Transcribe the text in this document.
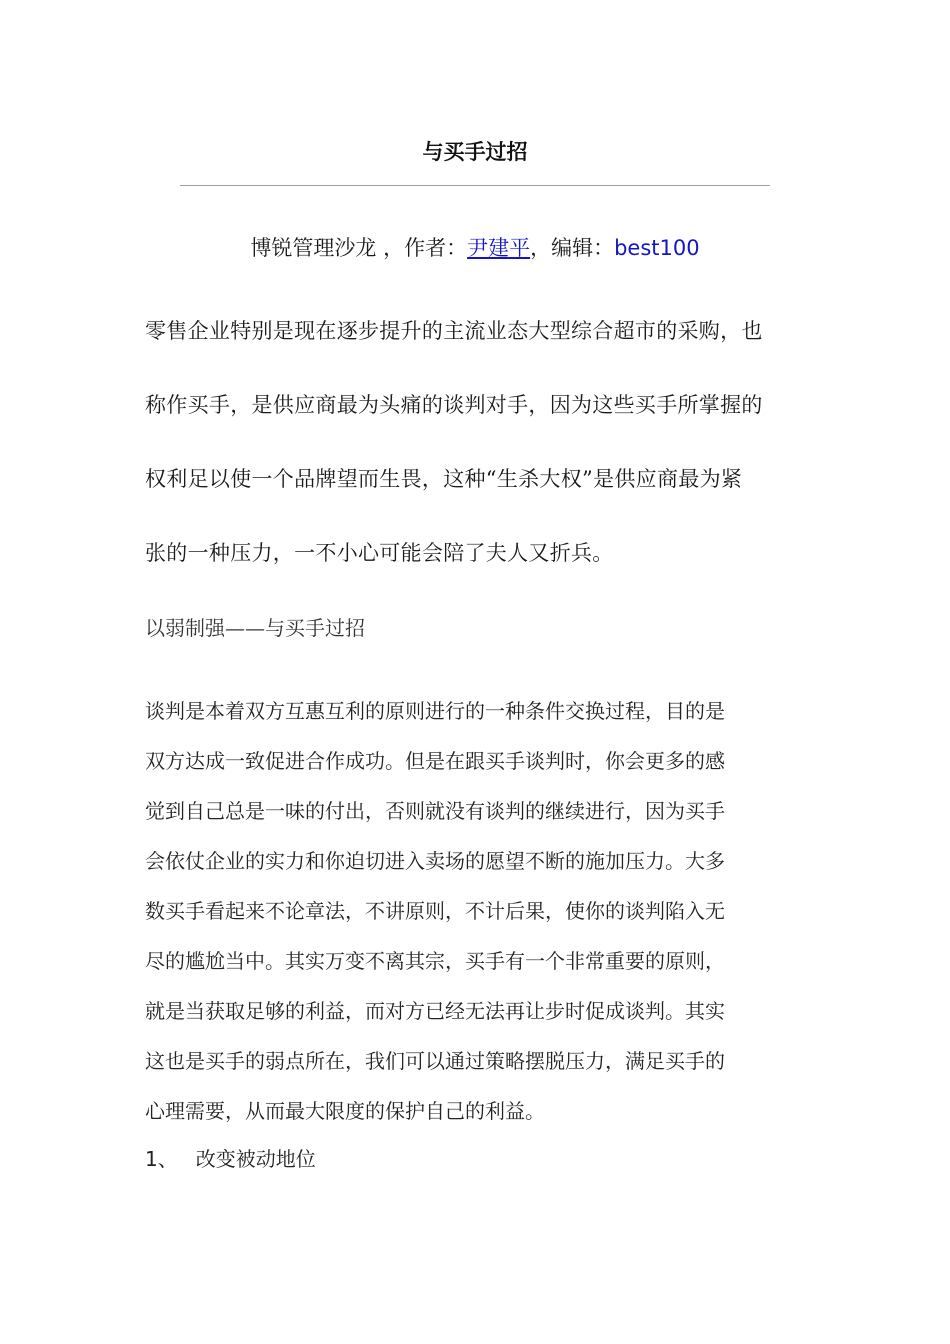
与买手过招
博锐管理沙龙 ，作者：尹建平，编辑：best100

零售企业特别是现在逐步提升的主流业态大型综合超市的采购，也
称作买手，是供应商最为头痛的谈判对手，因为这些买手所掌握的
权利足以使一个品牌望而生畏，这种“生杀大权”是供应商最为紧
张的一种压力，一不小心可能会陪了夫人又折兵。

以弱制强——与买手过招

谈判是本着双方互惠互利的原则进行的一种条件交换过程，目的是
双方达成一致促进合作成功。但是在跟买手谈判时，你会更多的感
觉到自己总是一味的付出，否则就没有谈判的继续进行，因为买手
会依仗企业的实力和你迫切进入卖场的愿望不断的施加压力。大多
数买手看起来不论章法，不讲原则，不计后果，使你的谈判陷入无
尽的尴尬当中。其实万变不离其宗，买手有一个非常重要的原则，
就是当获取足够的利益，而对方已经无法再让步时促成谈判。其实
这也是买手的弱点所在，我们可以通过策略摆脱压力，满足买手的
心理需要，从而最大限度的保护自己的利益。

1、 改变被动地位
